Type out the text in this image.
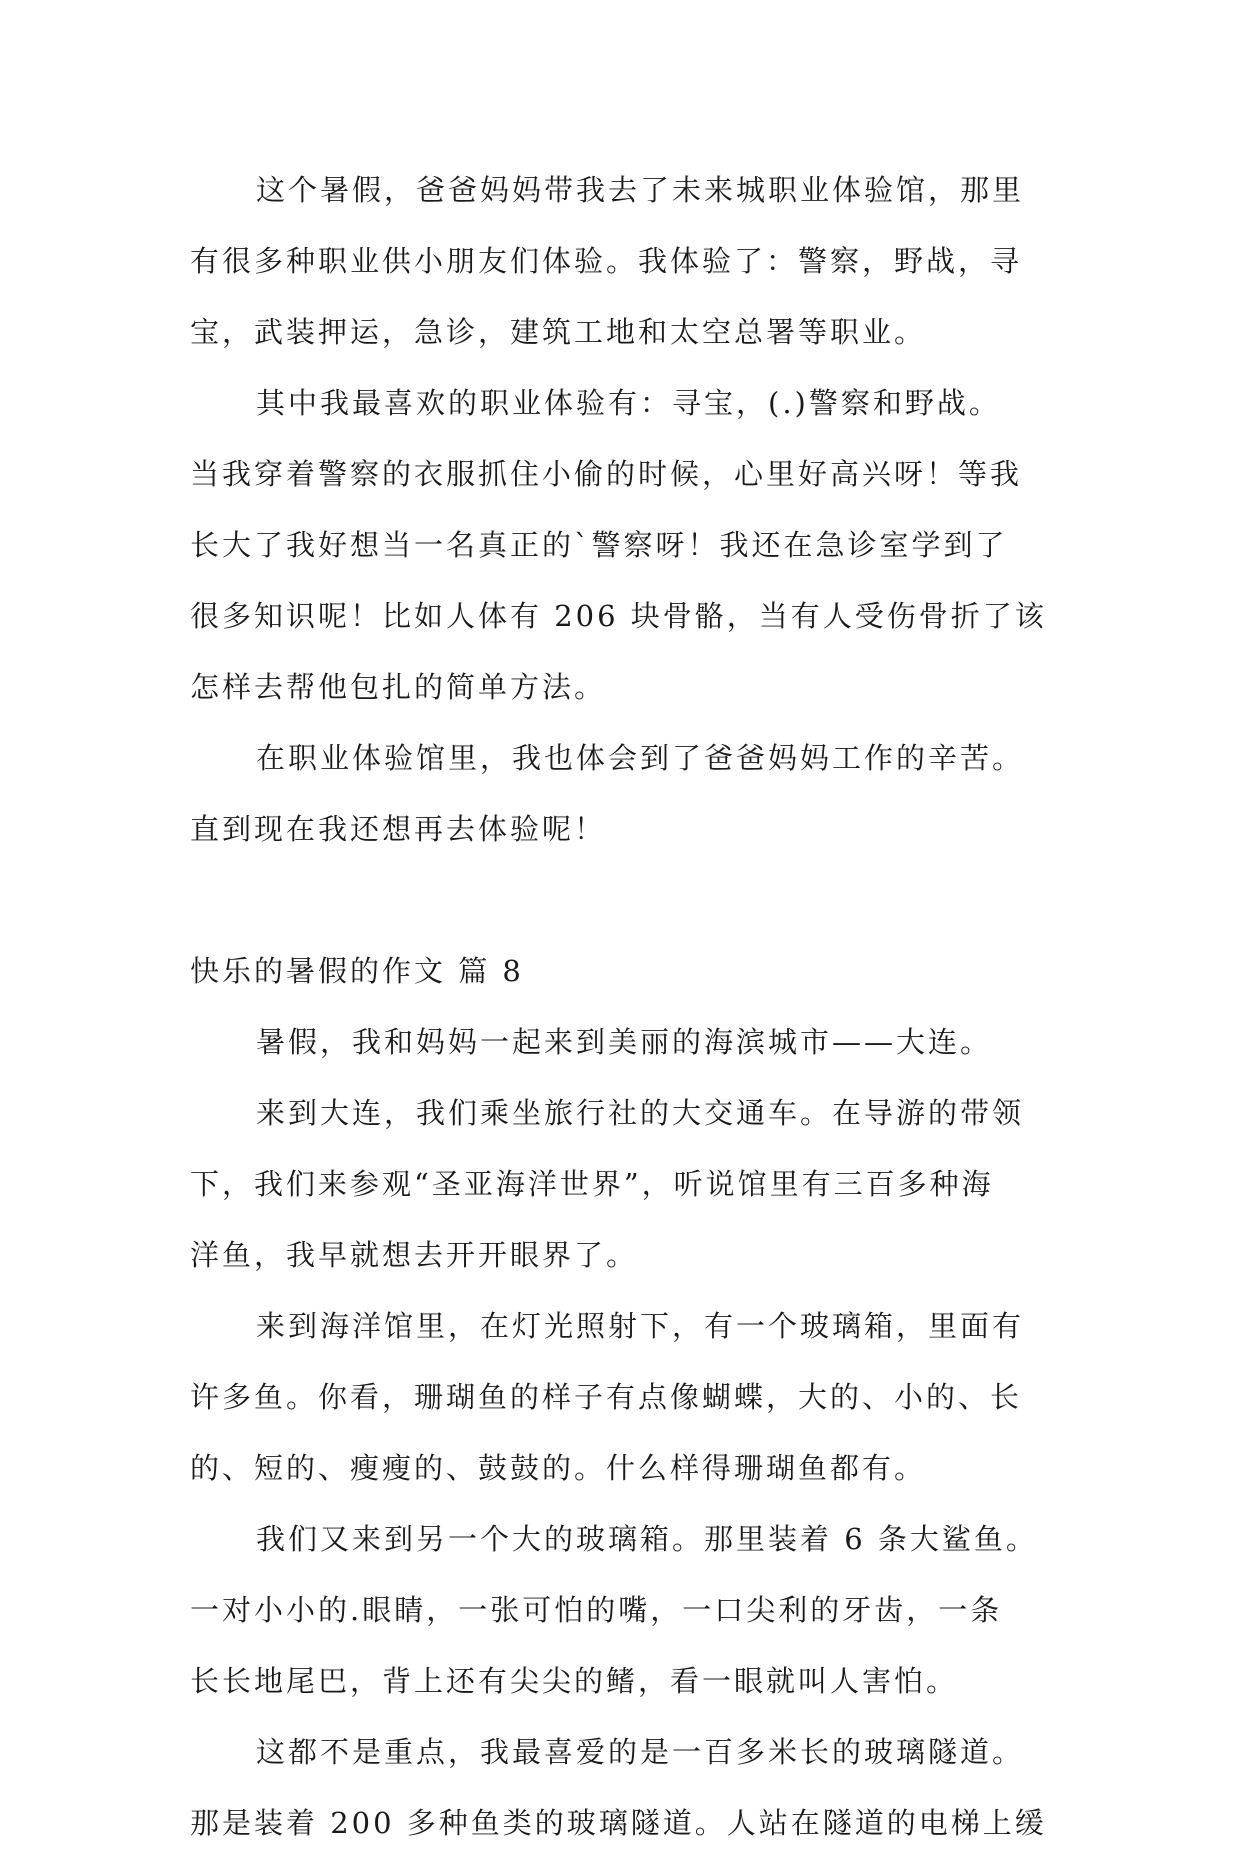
这个暑假，爸爸妈妈带我去了未来城职业体验馆，那里
有很多种职业供小朋友们体验。我体验了：警察，野战，寻
宝，武装押运，急诊，建筑工地和太空总署等职业。
其中我最喜欢的职业体验有：寻宝，(.)警察和野战。
当我穿着警察的衣服抓住小偷的时候，心里好高兴呀！等我
长大了我好想当一名真正的`警察呀！我还在急诊室学到了
很多知识呢！比如人体有 206 块骨骼，当有人受伤骨折了该
怎样去帮他包扎的简单方法。
在职业体验馆里，我也体会到了爸爸妈妈工作的辛苦。
直到现在我还想再去体验呢！
快乐的暑假的作文 篇 8
暑假，我和妈妈一起来到美丽的海滨城市——大连。
来到大连，我们乘坐旅行社的大交通车。在导游的带领
下，我们来参观“圣亚海洋世界”，听说馆里有三百多种海
洋鱼，我早就想去开开眼界了。
来到海洋馆里，在灯光照射下，有一个玻璃箱，里面有
许多鱼。你看，珊瑚鱼的样子有点像蝴蝶，大的、小的、长
的、短的、瘦瘦的、鼓鼓的。什么样得珊瑚鱼都有。
我们又来到另一个大的玻璃箱。那里装着 6 条大鲨鱼。
一对小小的.眼睛，一张可怕的嘴，一口尖利的牙齿，一条
长长地尾巴，背上还有尖尖的鳍，看一眼就叫人害怕。
这都不是重点，我最喜爱的是一百多米长的玻璃隧道。
那是装着 200 多种鱼类的玻璃隧道。人站在隧道的电梯上缓
